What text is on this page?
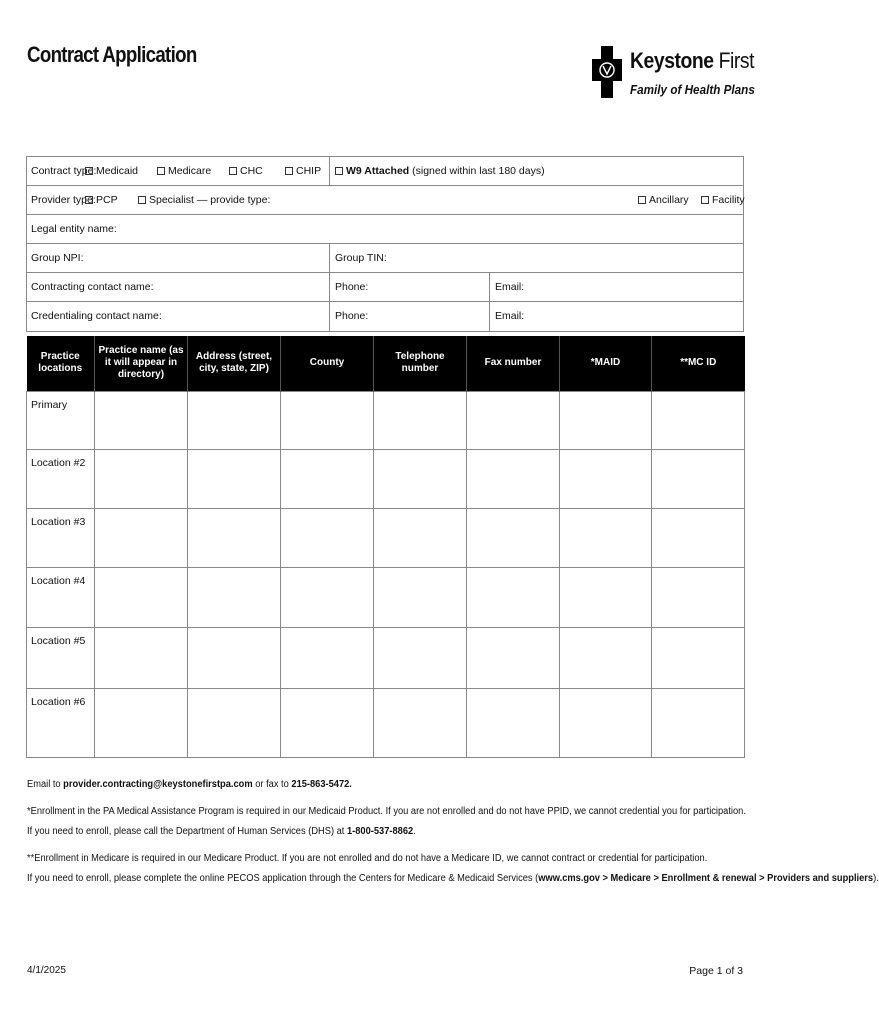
Contract Application	Keystone First
Family of Health Plans
Contract type: Medicaid	Medicare	CHC	CHIP	W9 Attached (signed within last 180 days)
Provider type: PCP	Specialist — provide type:	Ancillary	Facility
Legal entity name:
Group NPI:	Group TIN:
Contracting contact name:	Phone:	Email:
Credentialing contact name:	Phone:	Email:
Practice locations	Practice name (as it will appear in directory)	Address (street, city, state, ZIP)	County	Telephone number	Fax number	*MAID	**MC ID
Primary							
Location #2							
Location #3							
Location #4							
Location #5							
Location #6							

Email to provider.contracting@keystonefirstpa.com or fax to 215-863-5472.

*Enrollment in the PA Medical Assistance Program is required in our Medicaid Product. If you are not enrolled and do not have PPID, we cannot credential you for participation.

If you need to enroll, please call the Department of Human Services (DHS) at 1-800-537-8862.

**Enrollment in Medicare is required in our Medicare Product. If you are not enrolled and do not have a Medicare ID, we cannot contract or credential for participation.

If you need to enroll, please complete the online PECOS application through the Centers for Medicare & Medicaid Services (www.cms.gov > Medicare > Enrollment & renewal > Providers and suppliers).

4/1/2025	Page 1 of 3
